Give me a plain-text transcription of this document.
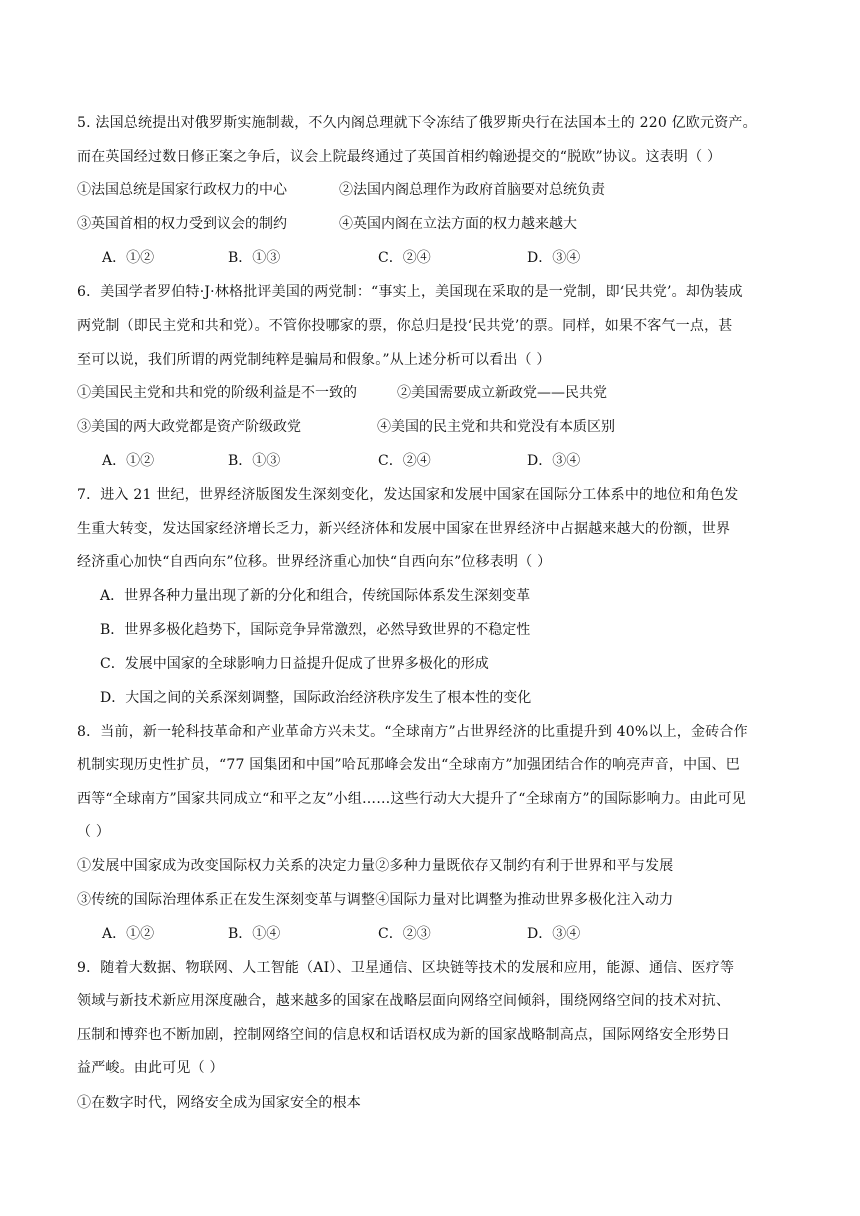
5. 法国总统提出对俄罗斯实施制裁，不久内阁总理就下令冻结了俄罗斯央行在法国本土的 220 亿欧元资产。
而在英国经过数日修正案之争后，议会上院最终通过了英国首相约翰逊提交的“脱欧”协议。这表明（ ）
①法国总统是国家行政权力的中心	②法国内阁总理作为政府首脑要对总统负责
③英国首相的权力受到议会的制约	④英国内阁在立法方面的权力越来越大
A．①②	B．①③	C．②④	D．③④
6．美国学者罗伯特·J·林格批评美国的两党制：“事实上，美国现在采取的是一党制，即‘民共党’。却伪装成
两党制（即民主党和共和党）。不管你投哪家的票，你总归是投‘民共党’的票。同样，如果不客气一点，甚
至可以说，我们所谓的两党制纯粹是骗局和假象。”从上述分析可以看出（ ）
①美国民主党和共和党的阶级利益是不一致的	②美国需要成立新政党——民共党
③美国的两大政党都是资产阶级政党	④美国的民主党和共和党没有本质区别
A．①②	B．①③	C．②④	D．③④
7．进入 21 世纪，世界经济版图发生深刻变化，发达国家和发展中国家在国际分工体系中的地位和角色发
生重大转变，发达国家经济增长乏力，新兴经济体和发展中国家在世界经济中占据越来越大的份额，世界
经济重心加快“自西向东”位移。世界经济重心加快“自西向东”位移表明（ ）
A．世界各种力量出现了新的分化和组合，传统国际体系发生深刻变革
B．世界多极化趋势下，国际竞争异常激烈，必然导致世界的不稳定性
C．发展中国家的全球影响力日益提升促成了世界多极化的形成
D．大国之间的关系深刻调整，国际政治经济秩序发生了根本性的变化
8．当前，新一轮科技革命和产业革命方兴未艾。“全球南方”占世界经济的比重提升到 40%以上，金砖合作
机制实现历史性扩员，“77 国集团和中国”哈瓦那峰会发出“全球南方”加强团结合作的响亮声音，中国、巴
西等“全球南方”国家共同成立“和平之友”小组……这些行动大大提升了“全球南方”的国际影响力。由此可见
（ ）
①发展中国家成为改变国际权力关系的决定力量②多种力量既依存又制约有利于世界和平与发展
③传统的国际治理体系正在发生深刻变革与调整④国际力量对比调整为推动世界多极化注入动力
A．①②	B．①④	C．②③	D．③④
9．随着大数据、物联网、人工智能（AI）、卫星通信、区块链等技术的发展和应用，能源、通信、医疗等
领域与新技术新应用深度融合，越来越多的国家在战略层面向网络空间倾斜，围绕网络空间的技术对抗、
压制和博弈也不断加剧，控制网络空间的信息权和话语权成为新的国家战略制高点，国际网络安全形势日
益严峻。由此可见（ ）
①在数字时代，网络安全成为国家安全的根本
